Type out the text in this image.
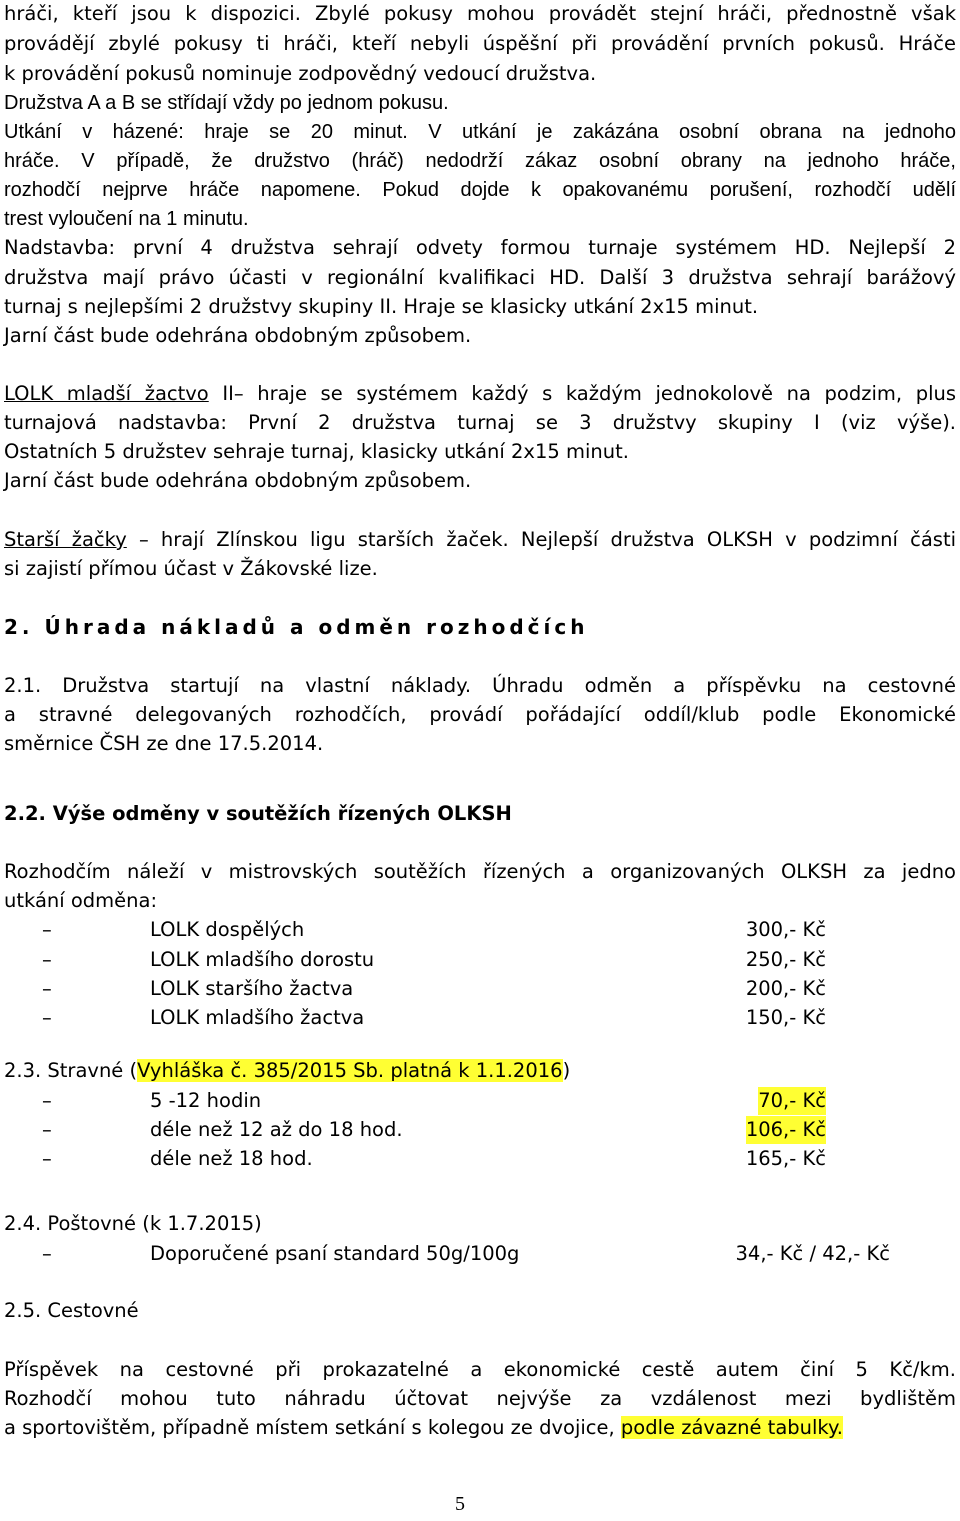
hráči, kteří jsou k dispozici. Zbylé pokusy mohou provádět stejní hráči, přednostně však
provádějí zbylé pokusy ti hráči, kteří nebyli úspěšní při provádění prvních pokusů. Hráče
k provádění pokusů nominuje zodpovědný vedoucí družstva.
Družstva A a B se střídají vždy po jednom pokusu.
Utkání v házené: hraje se 20 minut. V utkání je zakázána osobní obrana na jednoho
hráče. V případě, že družstvo (hráč) nedodrží zákaz osobní obrany na jednoho hráče,
rozhodčí nejprve hráče napomene. Pokud dojde k opakovanému porušení, rozhodčí udělí
trest vyloučení na 1 minutu.
Nadstavba: první 4 družstva sehrají odvety formou turnaje systémem HD. Nejlepší 2
družstva mají právo účasti v regionální kvalifikaci HD. Další 3 družstva sehrají barážový
turnaj s nejlepšími 2 družstvy skupiny II. Hraje se klasicky utkání 2x15 minut.
Jarní část bude odehrána obdobným způsobem.
LOLK mladší žactvo II– hraje se systémem každý s každým jednokolově na podzim, plus
turnajová nadstavba: První 2 družstva turnaj se 3 družstvy skupiny I (viz výše).
Ostatních 5 družstev sehraje turnaj, klasicky utkání 2x15 minut.
Jarní část bude odehrána obdobným způsobem.
Starší žačky – hrají Zlínskou ligu starších žaček. Nejlepší družstva OLKSH v podzimní části
si zajistí přímou účast v Žákovské lize.
2. Úhrada nákladů a odměn rozhodčích
2.1. Družstva startují na vlastní náklady. Úhradu odměn a příspěvku na cestovné
a stravné delegovaných rozhodčích, provádí pořádající oddíl/klub podle Ekonomické
směrnice ČSH ze dne 17.5.2014.
2.2. Výše odměny v soutěžích řízených OLKSH
Rozhodčím náleží v mistrovských soutěžích řízených a organizovaných OLKSH za jedno
utkání odměna:
–	LOLK dospělých	300,- Kč
–	LOLK mladšího dorostu	250,- Kč
–	LOLK staršího žactva	200,- Kč
–	LOLK mladšího žactva	150,- Kč
2.3. Stravné (Vyhláška č. 385/2015 Sb. platná k 1.1.2016)
–	5 -12 hodin	70,- Kč
–	déle než 12 až do 18 hod.	106,- Kč
–	déle než 18 hod.	165,- Kč
2.4. Poštovné (k 1.7.2015)
–	Doporučené psaní standard 50g/100g	34,- Kč / 42,- Kč
2.5. Cestovné
Příspěvek na cestovné při prokazatelné a ekonomické cestě autem činí 5 Kč/km.
Rozhodčí mohou tuto náhradu účtovat nejvýše za vzdálenost mezi bydlištěm
a sportovištěm, případně místem setkání s kolegou ze dvojice, podle závazné tabulky.
5
